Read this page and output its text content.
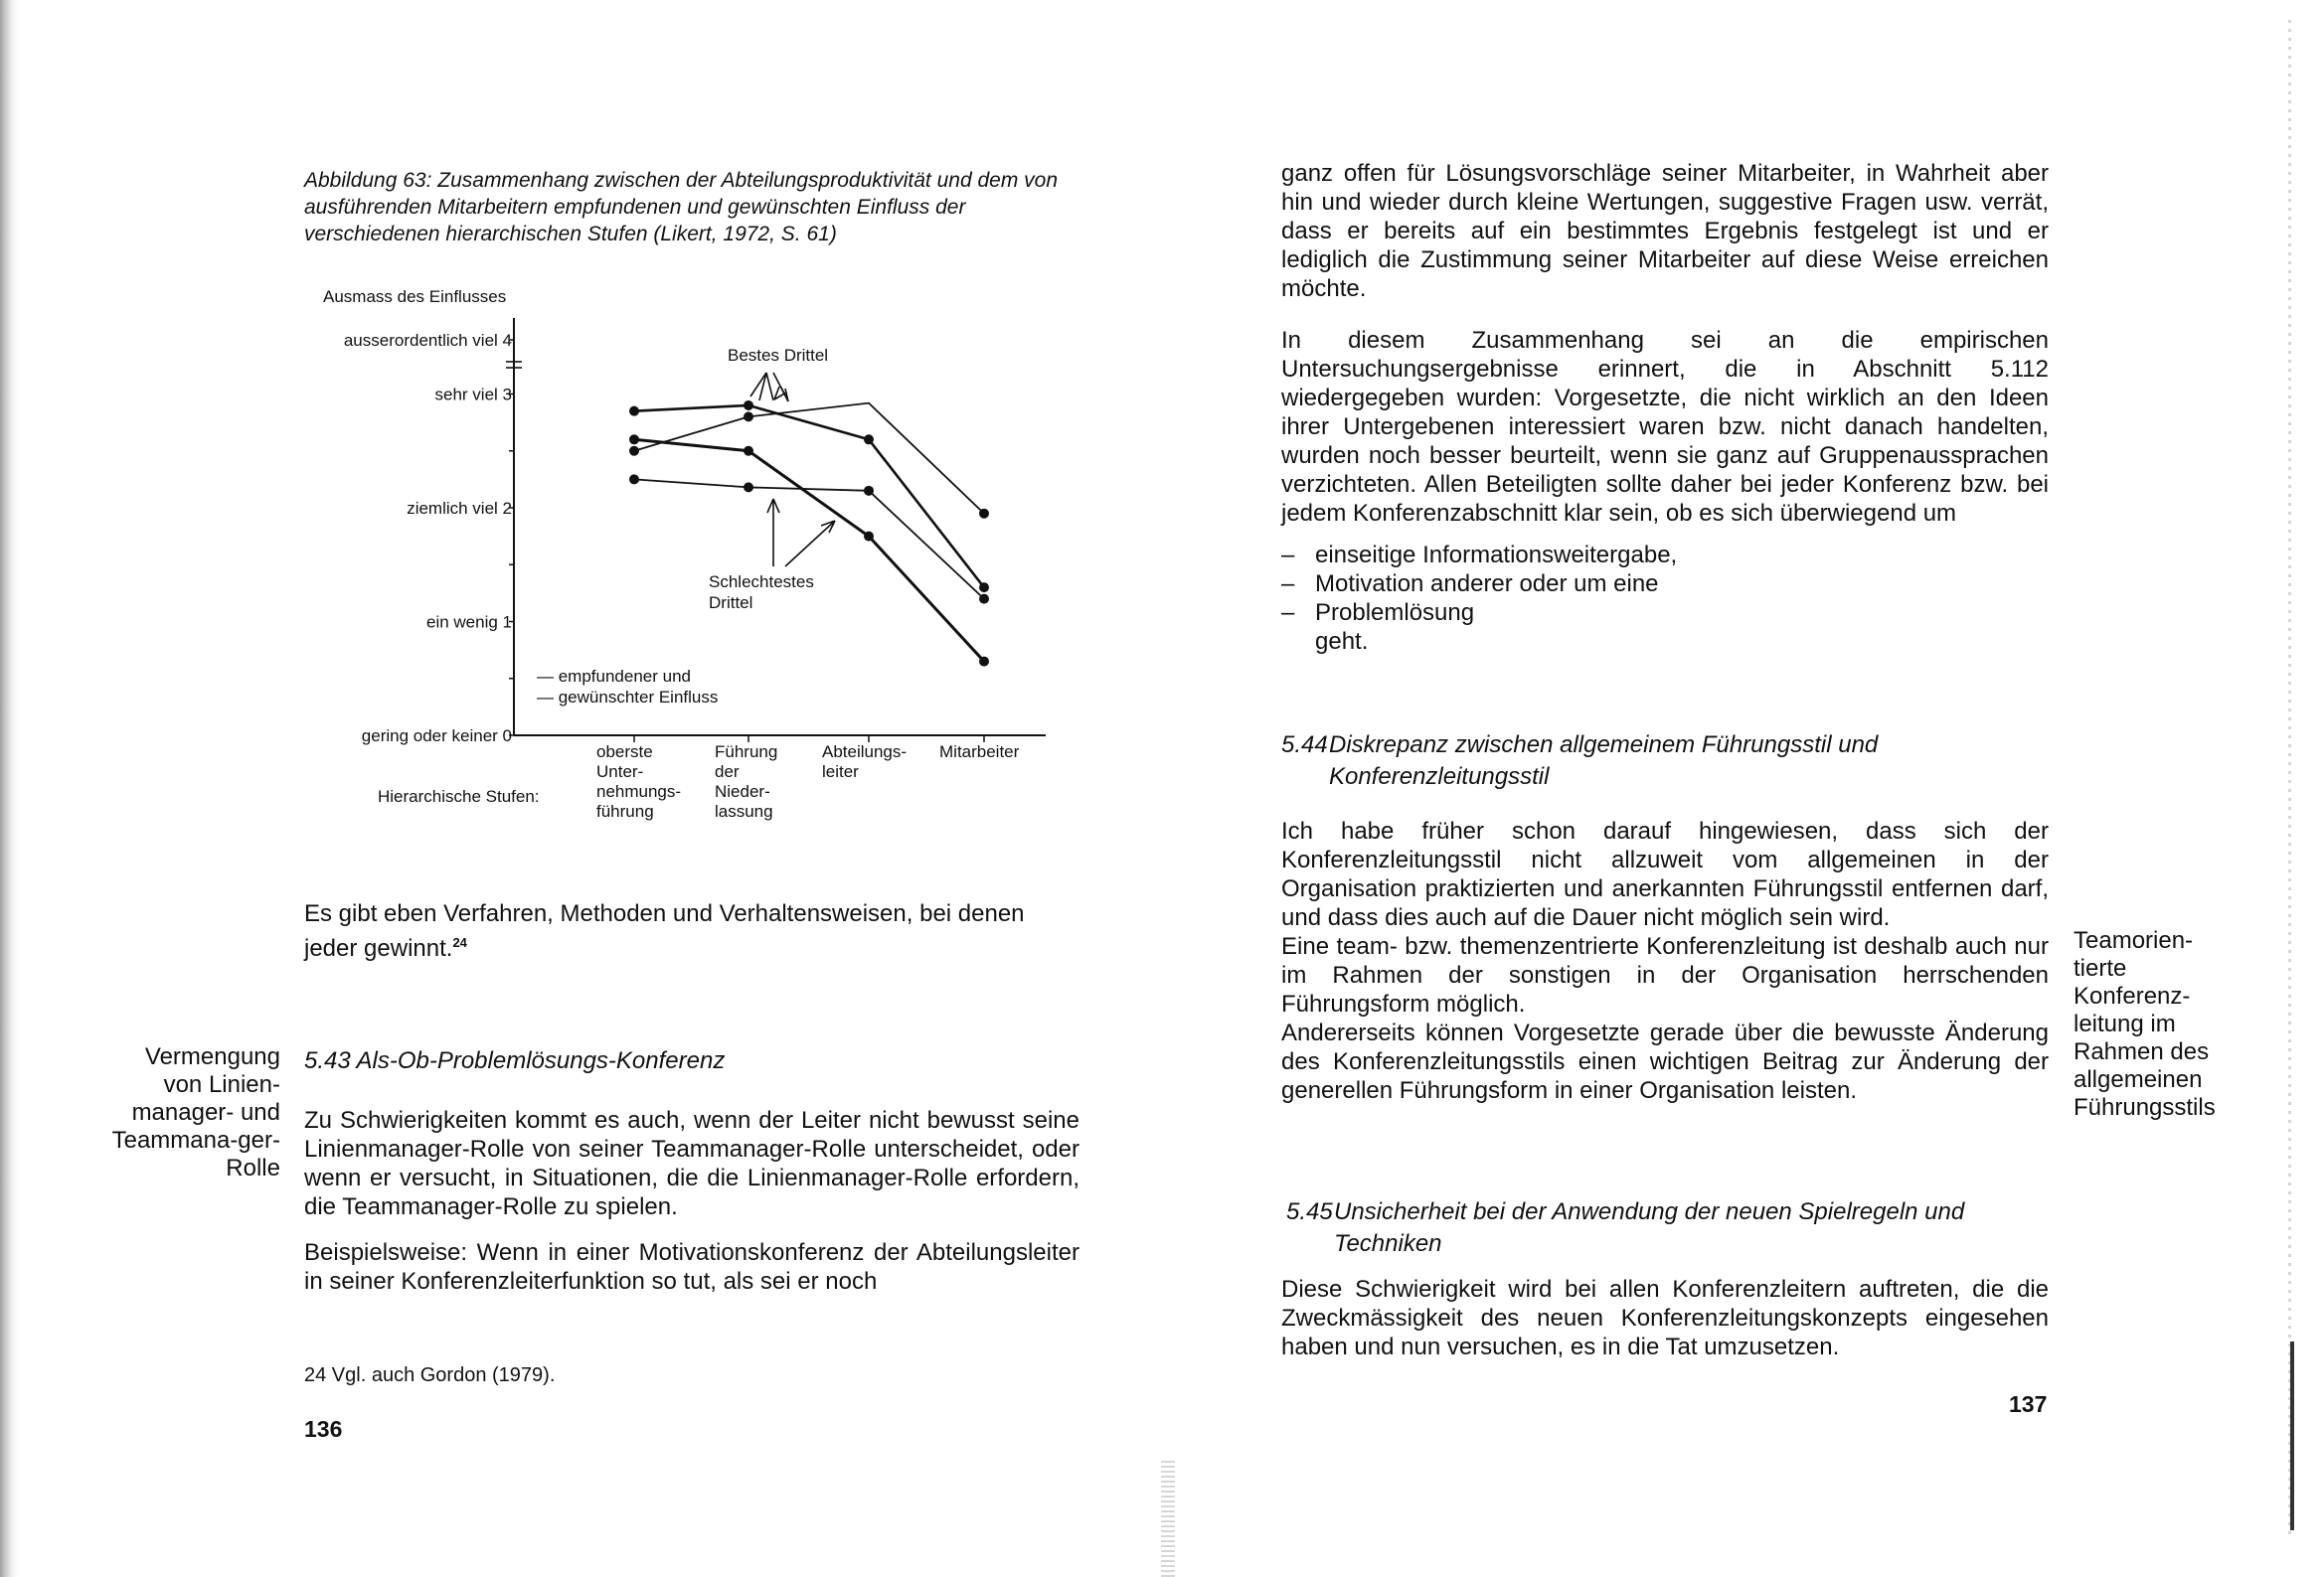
Abbildung 63: Zusammenhang zwischen der Abteilungsproduktivität und dem von ausführenden Mitarbeitern empfundenen und gewünschten Einfluss der verschiedenen hierarchischen Stufen (Likert, 1972, S. 61)
Ausmass des Einflusses
gering oder keiner 0
ein wenig 1
ziemlich viel 2
sehr viel 3
ausserordentlich viel 4
oberste
Unter-
nehmungs-
führung
Führung
der
Nieder-
lassung
Abteilungs-
leiter
Mitarbeiter
Hierarchische Stufen:
Bestes Drittel
Schlechtestes
Drittel
— empfundener und
— gewünschter Einfluss
Es gibt eben Verfahren, Methoden und Verhaltensweisen, bei denen jeder gewinnt.$^{24}$
Vermengung von Linien-manager- und Teammana-ger-Rolle
5.43 Als-Ob-Problemlösungs-Konferenz
Zu Schwierigkeiten kommt es auch, wenn der Leiter nicht bewusst seine Linienmanager-Rolle von seiner Teammanager-Rolle unterscheidet, oder wenn er versucht, in Situationen, die die Linienmanager-Rolle erfordern, die Teammanager-Rolle zu spielen.
Beispielsweise: Wenn in einer Motivationskonferenz der Abteilungsleiter in seiner Konferenzleiterfunktion so tut, als sei er noch
24 Vgl. auch Gordon (1979).
136
ganz offen für Lösungsvorschläge seiner Mitarbeiter, in Wahrheit aber hin und wieder durch kleine Wertungen, suggestive Fragen usw. verrät, dass er bereits auf ein bestimmtes Ergebnis festgelegt ist und er lediglich die Zustimmung seiner Mitarbeiter auf diese Weise erreichen möchte.
In diesem Zusammenhang sei an die empirischen Untersuchungsergebnisse erinnert, die in Abschnitt 5.112 wiedergegeben wurden: Vorgesetzte, die nicht wirklich an den Ideen ihrer Untergebenen interessiert waren bzw. nicht danach handelten, wurden noch besser beurteilt, wenn sie ganz auf Gruppenaussprachen verzichteten. Allen Beteiligten sollte daher bei jeder Konferenz bzw. bei jedem Konferenzabschnitt klar sein, ob es sich überwiegend um
– einseitige Informationsweitergabe,
– Motivation anderer oder um eine
– Problemlösung
geht.
5.44 Diskrepanz zwischen allgemeinem Führungsstil und Konferenzleitungsstil
Ich habe früher schon darauf hingewiesen, dass sich der Konferenzleitungsstil nicht allzuweit vom allgemeinen in der Organisation praktizierten und anerkannten Führungsstil entfernen darf, und dass dies auch auf die Dauer nicht möglich sein wird.
Eine team- bzw. themenzentrierte Konferenzleitung ist deshalb auch nur im Rahmen der sonstigen in der Organisation herrschenden Führungsform möglich.
Andererseits können Vorgesetzte gerade über die bewusste Änderung des Konferenzleitungsstils einen wichtigen Beitrag zur Änderung der generellen Führungsform in einer Organisation leisten.
Teamorien-tierte Konferenz-leitung im Rahmen des allgemeinen Führungsstils
5.45 Unsicherheit bei der Anwendung der neuen Spielregeln und Techniken
Diese Schwierigkeit wird bei allen Konferenzleitern auftreten, die die Zweckmässigkeit des neuen Konferenzleitungskonzepts eingesehen haben und nun versuchen, es in die Tat umzusetzen.
137
